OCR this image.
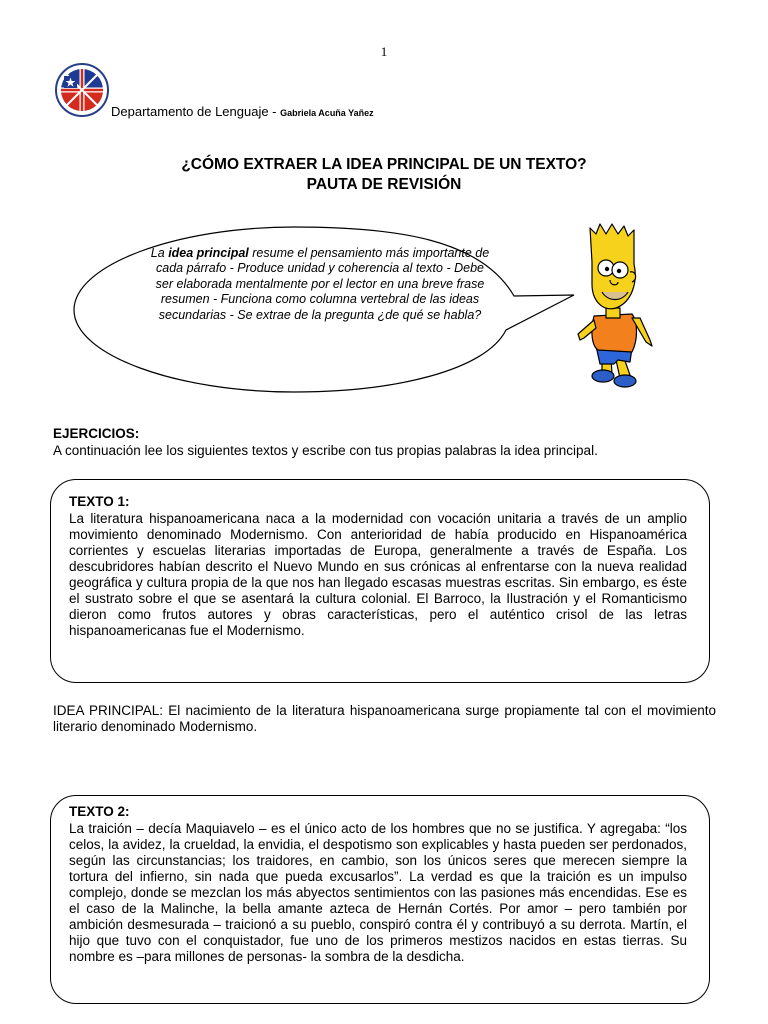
1
Departamento de Lenguaje - Gabriela Acuña Yañez
¿CÓMO EXTRAER LA IDEA PRINCIPAL DE UN TEXTO?
PAUTA DE REVISIÓN
La idea principal resume el pensamiento más importante de cada párrafo - Produce unidad y coherencia al texto - Debe ser elaborada mentalmente por el lector en una breve frase resumen - Funciona como columna vertebral de las ideas secundarias - Se extrae de la pregunta ¿de qué se habla?
EJERCICIOS:
A continuación lee los siguientes textos y escribe con tus propias palabras la idea principal.
TEXTO 1:
La literatura hispanoamericana naca a la modernidad con vocación unitaria a través de un amplio movimiento denominado Modernismo. Con anterioridad de había producido en Hispanoamérica corrientes y escuelas literarias importadas de Europa, generalmente a través de España. Los descubridores habían descrito el Nuevo Mundo en sus crónicas al enfrentarse con la nueva realidad geográfica y cultura propia de la que nos han llegado escasas muestras escritas. Sin embargo, es éste el sustrato sobre el que se asentará la cultura colonial. El Barroco, la Ilustración y el Romanticismo dieron como frutos autores y obras características, pero el auténtico crisol de las letras hispanoamericanas fue el Modernismo.
IDEA PRINCIPAL: El nacimiento de la literatura hispanoamericana surge propiamente tal con el movimiento literario denominado Modernismo.
TEXTO 2:
La traición – decía Maquiavelo – es el único acto de los hombres que no se justifica. Y agregaba: “los celos, la avidez, la crueldad, la envidia, el despotismo son explicables y hasta pueden ser perdonados, según las circunstancias; los traidores, en cambio, son los únicos seres que merecen siempre la tortura del infierno, sin nada que pueda excusarlos”. La verdad es que la traición es un impulso complejo, donde se mezclan los más abyectos sentimientos con las pasiones más encendidas. Ese es el caso de la Malinche, la bella amante azteca de Hernán Cortés. Por amor – pero también por ambición desmesurada – traicionó a su pueblo, conspiró contra él y contribuyó a su derrota. Martín, el hijo que tuvo con el conquistador, fue uno de los primeros mestizos nacidos en estas tierras. Su nombre es –para millones de personas- la sombra de la desdicha.
